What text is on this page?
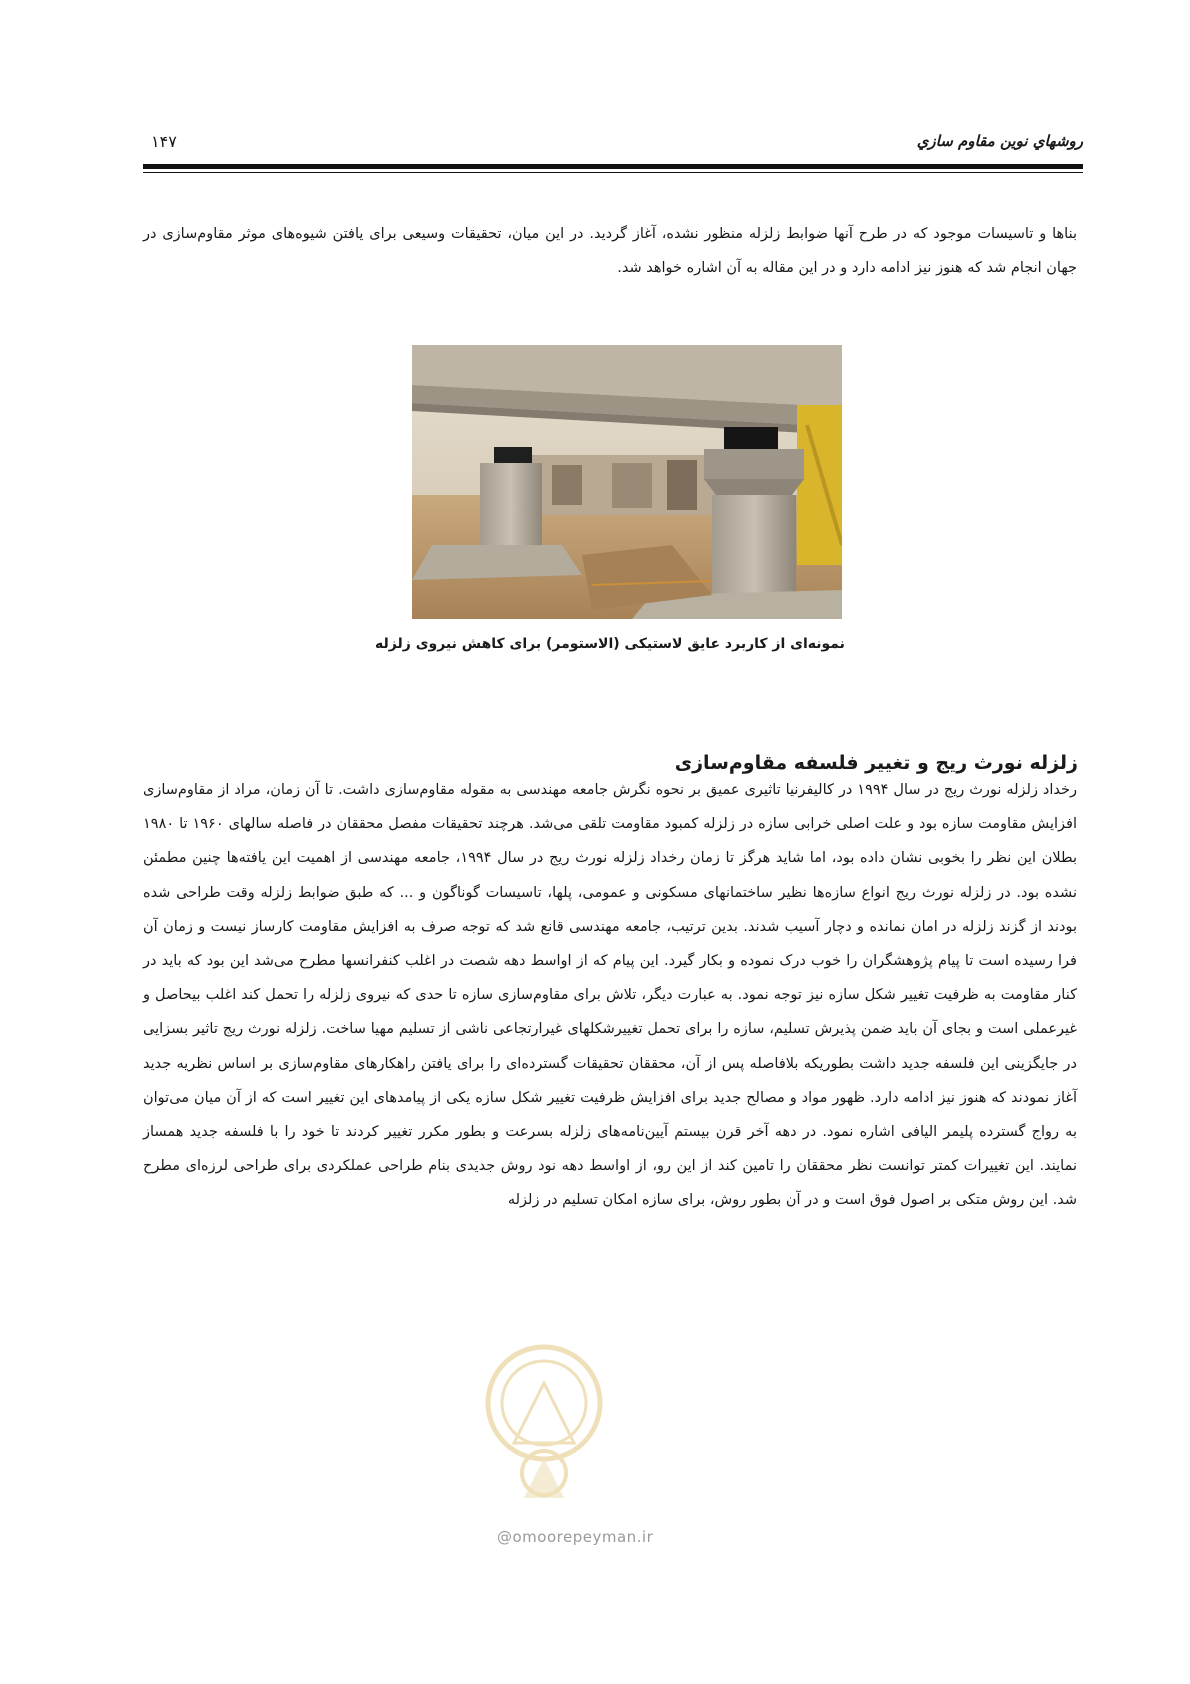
روشهاي نوين مقاوم سازي
۱۴۷

بناها و تاسیسات موجود که در طرح آنها ضوابط زلزله منظور نشده، آغاز گردید. در این میان، تحقیقات وسیعی برای یافتن شیوه‌های موثر مقاوم‌سازی در جهان انجام شد که هنوز نیز ادامه دارد و در این مقاله به آن اشاره خواهد شد.

نمونه‌ای از کاربرد عایق لاستیکی (الاستومر) برای کاهش نیروی زلزله

زلزله نورث ریج و تغییر فلسفه مقاوم‌سازی

رخداد زلزله نورث ریج در سال ۱۹۹۴ در کالیفرنیا تاثیری عمیق بر نحوه نگرش جامعه مهندسی به مقوله مقاوم‌سازی داشت. تا آن زمان، مراد از مقاوم‌سازی افزایش مقاومت سازه بود و علت اصلی خرابی سازه در زلزله کمبود مقاومت تلقی می‌شد. هرچند تحقیقات مفصل محققان در فاصله سالهای ۱۹۶۰ تا ۱۹۸۰ بطلان این نظر را بخوبی نشان داده بود، اما شاید هرگز تا زمان رخداد زلزله نورث ریج در سال ۱۹۹۴، جامعه مهندسی از اهمیت این یافته‌ها چنین مطمئن نشده بود. در زلزله نورث ریج انواع سازه‌ها نظیر ساختمانهای مسکونی و عمومی، پلها، تاسیسات گوناگون و ... که طبق ضوابط زلزله وقت طراحی شده بودند از گزند زلزله در امان نمانده و دچار آسیب شدند. بدین ترتیب، جامعه مهندسی قانع شد که توجه صرف به افزایش مقاومت کارساز نیست و زمان آن فرا رسیده است تا پیام پژوهشگران را خوب درک نموده و بکار گیرد. این پیام که از اواسط دهه شصت در اغلب کنفرانسها مطرح می‌شد این بود که باید در کنار مقاومت به ظرفیت تغییر شکل سازه نیز توجه نمود. به عبارت دیگر، تلاش برای مقاوم‌سازی سازه تا حدی که نیروی زلزله را تحمل کند اغلب بیحاصل و غیرعملی است و بجای آن باید ضمن پذیرش تسلیم، سازه را برای تحمل تغییرشکلهای غیرارتجاعی ناشی از تسلیم مهیا ساخت. زلزله نورث ریج تاثیر بسزایی در جایگزینی این فلسفه جدید داشت بطوریکه بلافاصله پس از آن، محققان تحقیقات گسترده‌ای را برای یافتن راهکارهای مقاوم‌سازی بر اساس نظریه جدید آغاز نمودند که هنوز نیز ادامه دارد. ظهور مواد و مصالح جدید برای افزایش ظرفیت تغییر شکل سازه یکی از پیامدهای این تغییر است که از آن میان می‌توان به رواج گسترده پلیمر الیافی اشاره نمود. در دهه آخر قرن بیستم آیین‌نامه‌های زلزله بسرعت و بطور مکرر تغییر کردند تا خود را با فلسفه جدید همساز نمایند. این تغییرات کمتر توانست نظر محققان را تامین کند از این رو، از اواسط دهه نود روش جدیدی بنام طراحی عملکردی برای طراحی لرزه‌ای مطرح شد. این روش متکی بر اصول فوق است و در آن بطور روش، برای سازه امکان تسلیم در زلزله

@omoorepeyman.ir
